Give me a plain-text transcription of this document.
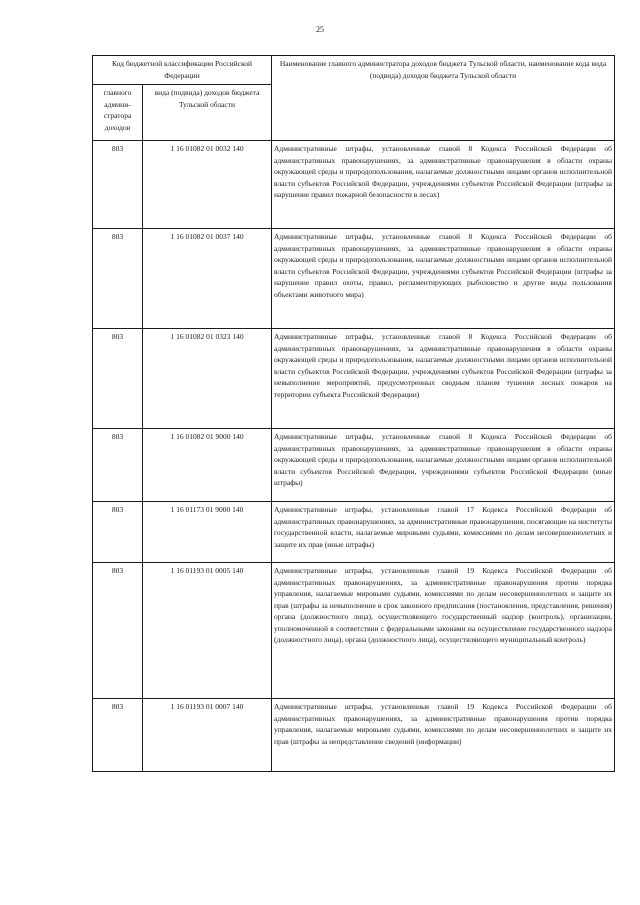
25
Код бюджетной классификации Российской Федерации		Наименование главного администратора доходов бюджета Тульской области, наименование кода вида (подвида) доходов бюджета Тульской области
главного админи-стратора доходов	вида (подвида) доходов бюджета Тульской области	
803	1 16 01082 01 0032 140	Административные штрафы, установленные главой 8 Кодекса Российской Федерации об административных правонарушениях, за административные правонарушения в области охраны окружающей среды и природопользования, налагаемые должностными лицами органов исполнительной власти субъектов Российской Федерации, учреждениями субъектов Российской Федерации (штрафы за нарушение правил пожарной безопасности в лесах)
803	1 16 01082 01 0037 140	Административные штрафы, установленные главой 8 Кодекса Российской Федерации об административных правонарушениях, за административные правонарушения в области охраны окружающей среды и природопользования, налагаемые должностными лицами органов исполнительной власти субъектов Российской Федерации, учреждениями субъектов Российской Федерации (штрафы за нарушение правил охоты, правил, регламентирующих рыболовство и другие виды пользования объектами животного мира)
803	1 16 01082 01 0323 140	Административные штрафы, установленные главой 8 Кодекса Российской Федерации об административных правонарушениях, за административные правонарушения в области охраны окружающей среды и природопользования, налагаемые должностными лицами органов исполнительной власти субъектов Российской Федерации, учреждениями субъектов Российской Федерации (штрафы за невыполнение мероприятий, предусмотренных сводным планом тушения лесных пожаров на территории субъекта Российской Федерации)
803	1 16 01082 01 9000 140	Административные штрафы, установленные главой 8 Кодекса Российской Федерации об административных правонарушениях, за административные правонарушения в области охраны окружающей среды и природопользования, налагаемые должностными лицами органов исполнительной власти субъектов Российской Федерации, учреждениями субъектов Российской Федерации (иные штрафы)
803	1 16 01173 01 9000 140	Административные штрафы, установленные главой 17 Кодекса Российской Федерации об административных правонарушениях, за административные правонарушения, посягающие на институты государственной власти, налагаемые мировыми судьями, комиссиями по делам несовершеннолетних и защите их прав (иные штрафы)
803	1 16 01193 01 0005 140	Административные штрафы, установленные главой 19 Кодекса Российской Федерации об административных правонарушениях, за административные правонарушения против порядка управления, налагаемые мировыми судьями, комиссиями по делам несовершеннолетних и защите их прав (штрафы за невыполнение в срок законного предписания (постановления, представления, решения) органа (должностного лица), осуществляющего государственный надзор (контроль), организации, уполномоченной в соответствии с федеральными законами на осуществление государственного надзора (должностного лица), органа (должностного лица), осуществляющего муниципальный контроль)
803	1 16 01193 01 0007 140	Административные штрафы, установленные главой 19 Кодекса Российской Федерации об административных правонарушениях, за административные правонарушения против порядка управления, налагаемые мировыми судьями, комиссиями по делам несовершеннолетних и защите их прав (штрафы за непредставление сведений (информации)
